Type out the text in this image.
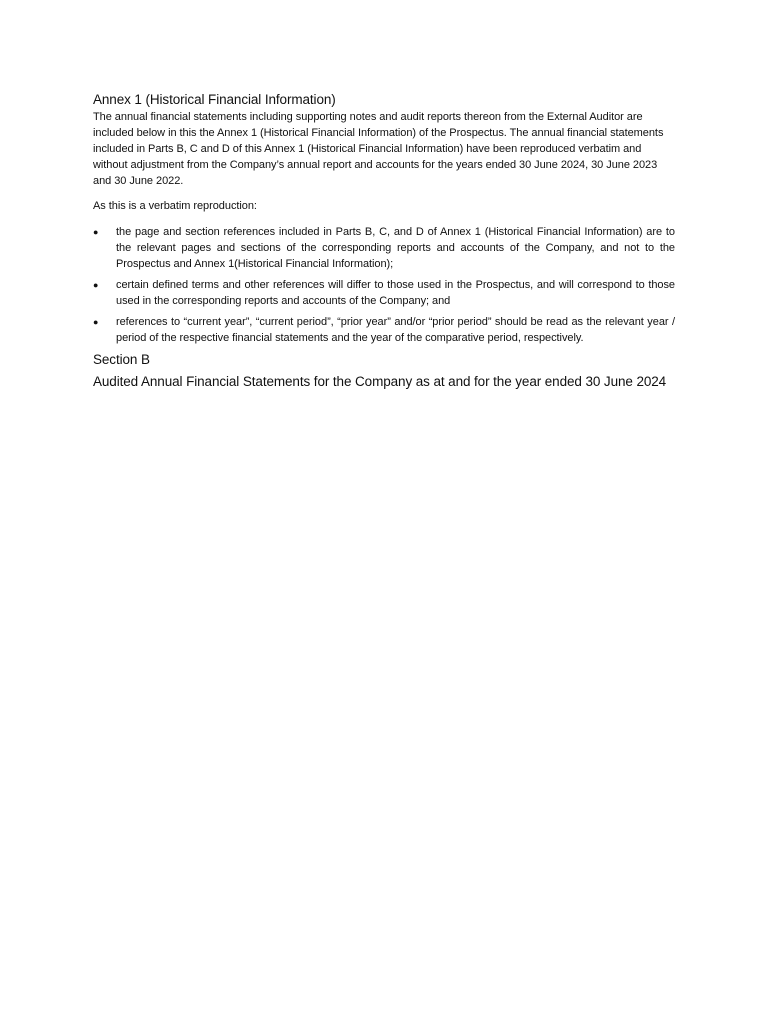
Annex 1 (Historical Financial Information)

The annual financial statements including supporting notes and audit reports thereon from the External Auditor are included below in this the Annex 1 (Historical Financial Information) of the Prospectus. The annual financial statements included in Parts B, C and D of this Annex 1 (Historical Financial Information) have been reproduced verbatim and without adjustment from the Company’s annual report and accounts for the years ended 30 June 2024, 30 June 2023 and 30 June 2022.

As this is a verbatim reproduction:

● the page and section references included in Parts B, C, and D of Annex 1 (Historical Financial Information) are to the relevant pages and sections of the corresponding reports and accounts of the Company, and not to the Prospectus and Annex 1(Historical Financial Information);
● certain defined terms and other references will differ to those used in the Prospectus, and will correspond to those used in the corresponding reports and accounts of the Company; and
● references to “current year”, “current period”, “prior year” and/or “prior period” should be read as the relevant year / period of the respective financial statements and the year of the comparative period, respectively.
Section B
Audited Annual Financial Statements for the Company as at and for the year ended 30 June 2024
